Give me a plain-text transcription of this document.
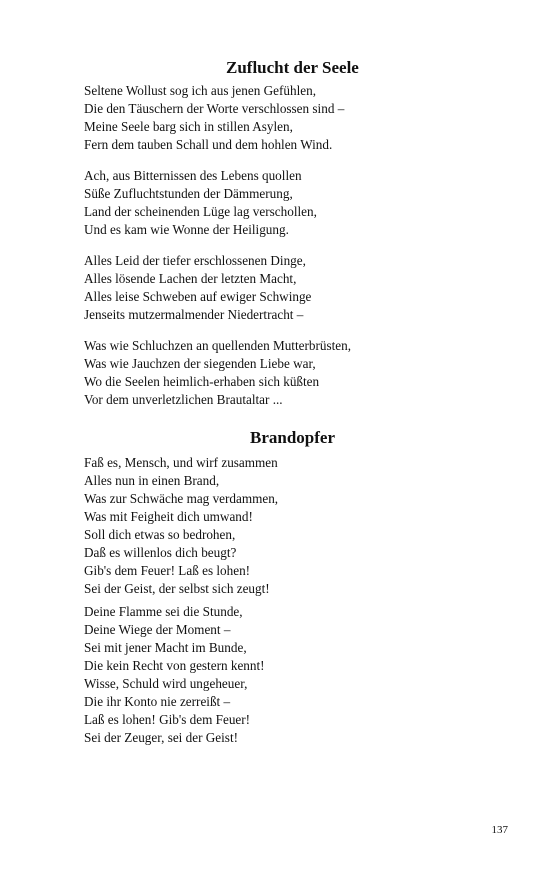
Zuflucht der Seele
Seltene Wollust sog ich aus jenen Gefühlen,
Die den Täuschern der Worte verschlossen sind –
Meine Seele barg sich in stillen Asylen,
Fern dem tauben Schall und dem hohlen Wind.
Ach, aus Bitternissen des Lebens quollen
Süße Zufluchtstunden der Dämmerung,
Land der scheinenden Lüge lag verschollen,
Und es kam wie Wonne der Heiligung.
Alles Leid der tiefer erschlossenen Dinge,
Alles lösende Lachen der letzten Macht,
Alles leise Schweben auf ewiger Schwinge
Jenseits mutzermalmender Niedertracht –
Was wie Schluchzen an quellenden Mutterbrüsten,
Was wie Jauchzen der siegenden Liebe war,
Wo die Seelen heimlich-erhaben sich küßten
Vor dem unverletzlichen Brautaltar ...
Brandopfer
Faß es, Mensch, und wirf zusammen
Alles nun in einen Brand,
Was zur Schwäche mag verdammen,
Was mit Feigheit dich umwand!
Soll dich etwas so bedrohen,
Daß es willenlos dich beugt?
Gib's dem Feuer! Laß es lohen!
Sei der Geist, der selbst sich zeugt!
Deine Flamme sei die Stunde,
Deine Wiege der Moment –
Sei mit jener Macht im Bunde,
Die kein Recht von gestern kennt!
Wisse, Schuld wird ungeheuer,
Die ihr Konto nie zerreißt –
Laß es lohen! Gib's dem Feuer!
Sei der Zeuger, sei der Geist!
137
